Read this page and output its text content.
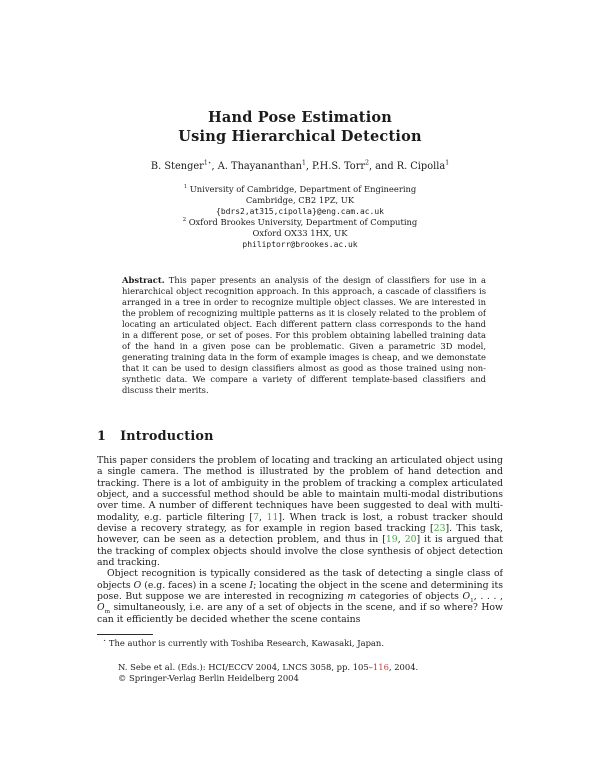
Hand Pose Estimation
Using Hierarchical Detection
B. Stenger$^{1⋆}$, A. Thayananthan$^1$, P.H.S. Torr$^2$, and R. Cipolla$^1$
$^1$ University of Cambridge, Department of Engineering
Cambridge, CB2 1PZ, UK
{bdrs2,at315,cipolla}@eng.cam.ac.uk
$^2$ Oxford Brookes University, Department of Computing
Oxford OX33 1HX, UK
philiptorr@brookes.ac.uk
Abstract. This paper presents an analysis of the design of classifiers for use in a hierarchical object recognition approach. In this approach, a cascade of classifiers is arranged in a tree in order to recognize multiple object classes. We are interested in the problem of recognizing multiple patterns as it is closely related to the problem of locating an articulated object. Each different pattern class corresponds to the hand in a different pose, or set of poses. For this problem obtaining labelled training data of the hand in a given pose can be problematic. Given a parametric 3D model, generating training data in the form of example images is cheap, and we demonstate that it can be used to design classifiers almost as good as those trained using non-synthetic data. We compare a variety of different template-based classifiers and discuss their merits.
1 Introduction

This paper considers the problem of locating and tracking an articulated object using a single camera. The method is illustrated by the problem of hand detection and tracking. There is a lot of ambiguity in the problem of tracking a complex articulated object, and a successful method should be able to maintain multi-modal distributions over time. A number of different techniques have been suggested to deal with multi-modality, e.g. particle filtering [7, 11]. When track is lost, a robust tracker should devise a recovery strategy, as for example in region based tracking [23]. This task, however, can be seen as a detection problem, and thus in [19, 20] it is argued that the tracking of complex objects should involve the close synthesis of object detection and tracking.

Object recognition is typically considered as the task of detecting a single class of objects O (e.g. faces) in a scene I; locating the object in the scene and determining its pose. But suppose we are interested in recognizing m categories of objects $O_1$, . . . , $O_m$ simultaneously, i.e. are any of a set of objects in the scene, and if so where? How can it efficiently be decided whether the scene contains

⋆ The author is currently with Toshiba Research, Kawasaki, Japan.
N. Sebe et al. (Eds.): HCI/ECCV 2004, LNCS 3058, pp. 105–116, 2004.
© Springer-Verlag Berlin Heidelberg 2004
